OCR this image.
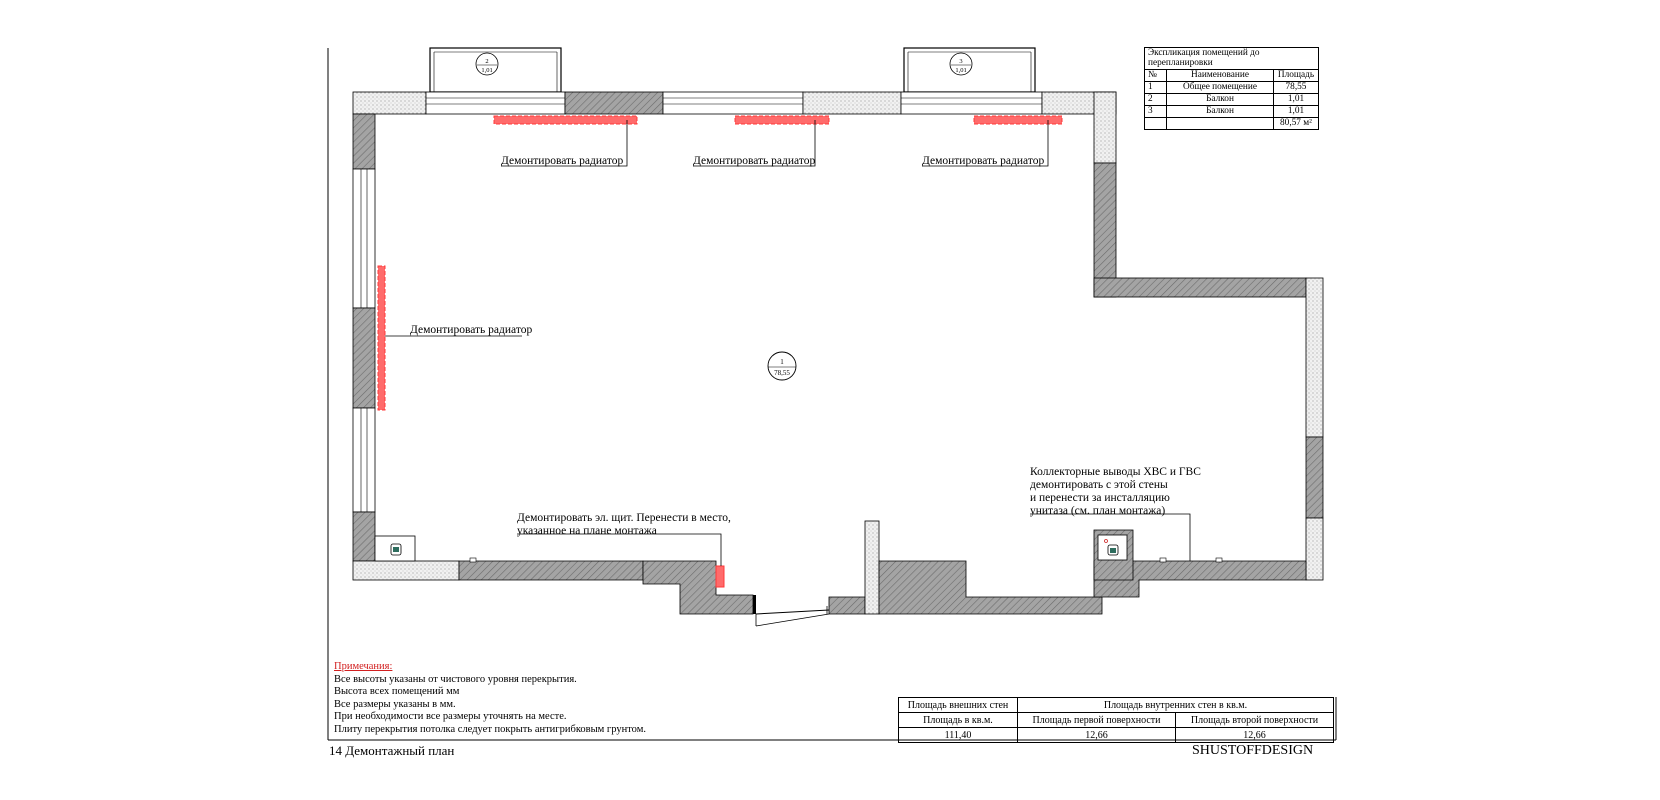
2
1,01
3
1,01
1
78,55
Демонтировать радиатор	Демонтировать радиатор	Демонтировать радиатор
Демонтировать радиатор
Демонтировать эл. щит. Перенести в место,
указанное на плане монтажа
Коллекторные выводы ХВС и ГВС
демонтировать с этой стены
и перенести за инсталляцию
унитаза (см. план монтажа)
Экспликация помещений до перепланировки		
№	Наименование	Площадь
1	Общее помещение	78,55
2	Балкон	1,01
3	Балкон	1,01
		80,57 м²
Примечания:
Все высоты указаны от чистового уровня перекрытия.
Высота всех помещений мм
Все размеры указаны в мм.
При необходимости все размеры уточнять на месте.
Плиту перекрытия потолка следует покрыть антигрибковым грунтом.
Площадь внешних стен	Площадь внутренних стен в кв.м.	
Площадь в кв.м.	Площадь первой поверхности	Площадь второй поверхности
111,40	12,66	12,66
14 Демонтажный план	SHUSTOFFDESIGN
